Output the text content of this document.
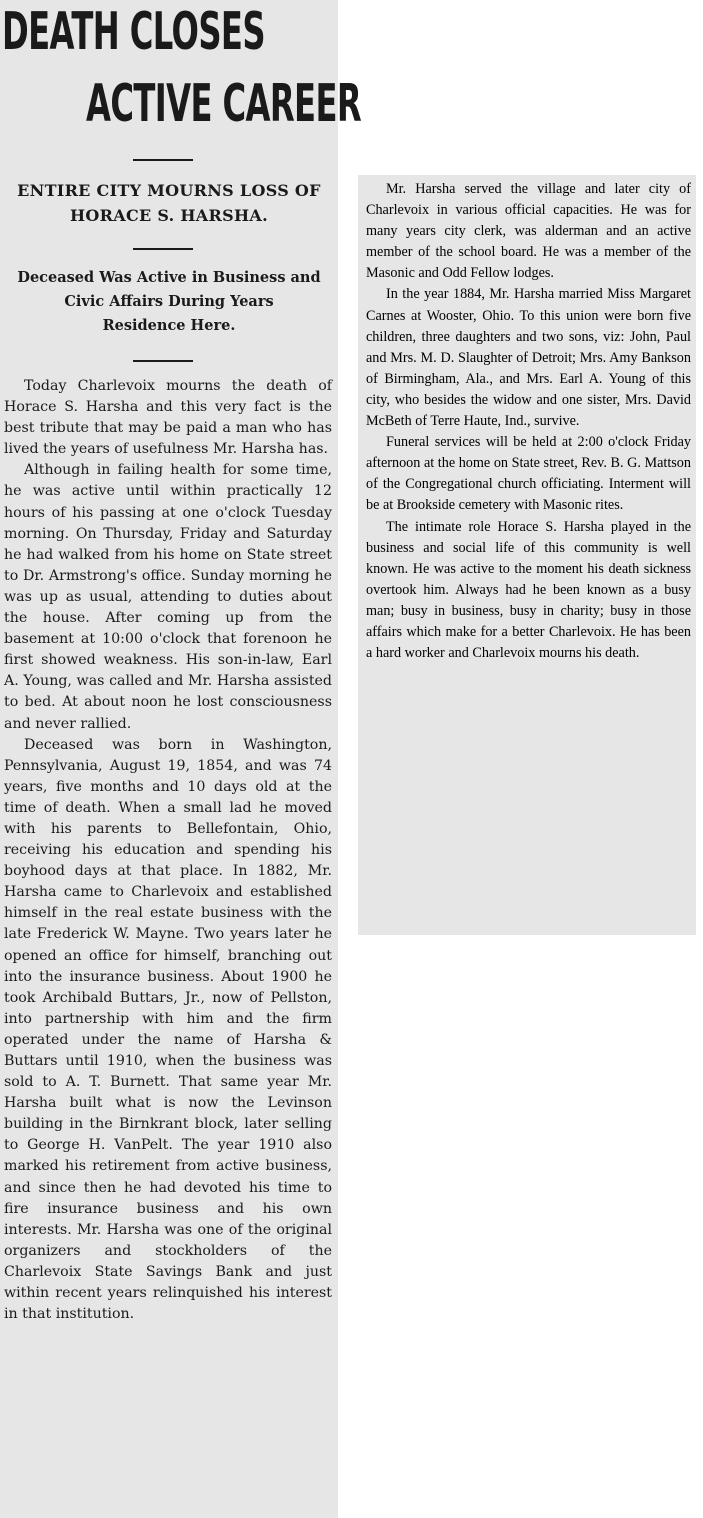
DEATH CLOSES
ACTIVE CAREER
ENTIRE CITY MOURNS LOSS OF
HORACE S. HARSHA.
Deceased Was Active in Business and
Civic Affairs During Years
Residence Here.

Today Charlevoix mourns the death of Horace S. Harsha and this very fact is the best tribute that may be paid a man who has lived the years of usefulness Mr. Harsha has.

Although in failing health for some time, he was active until within practically 12 hours of his passing at one o'clock Tuesday morning. On Thursday, Friday and Saturday he had walked from his home on State street to Dr. Armstrong's office. Sunday morning he was up as usual, attending to duties about the house. After coming up from the basement at 10:00 o'clock that forenoon he first showed weakness. His son-in-law, Earl A. Young, was called and Mr. Harsha assisted to bed. At about noon he lost consciousness and never rallied.

Deceased was born in Washington, Pennsylvania, August 19, 1854, and was 74 years, five months and 10 days old at the time of death. When a small lad he moved with his parents to Bellefontain, Ohio, receiving his education and spending his boyhood days at that place. In 1882, Mr. Harsha came to Charlevoix and established himself in the real estate business with the late Frederick W. Mayne. Two years later he opened an office for himself, branching out into the insurance business. About 1900 he took Archibald Buttars, Jr., now of Pellston, into partnership with him and the firm operated under the name of Harsha & Buttars until 1910, when the business was sold to A. T. Burnett. That same year Mr. Harsha built what is now the Levinson building in the Birnkrant block, later selling to George H. VanPelt. The year 1910 also marked his retirement from active business, and since then he had devoted his time to fire insurance business and his own interests. Mr. Harsha was one of the original organizers and stockholders of the Charlevoix State Savings Bank and just within recent years relinquished his interest in that institution.

Mr. Harsha served the village and later city of Charlevoix in various official capacities. He was for many years city clerk, was alderman and an active member of the school board. He was a member of the Masonic and Odd Fellow lodges.

In the year 1884, Mr. Harsha married Miss Margaret Carnes at Wooster, Ohio. To this union were born five children, three daughters and two sons, viz: John, Paul and Mrs. M. D. Slaughter of Detroit; Mrs. Amy Bankson of Birmingham, Ala., and Mrs. Earl A. Young of this city, who besides the widow and one sister, Mrs. David McBeth of Terre Haute, Ind., survive.

Funeral services will be held at 2:00 o'clock Friday afternoon at the home on State street, Rev. B. G. Mattson of the Congregational church officiating. Interment will be at Brookside cemetery with Masonic rites.

The intimate role Horace S. Harsha played in the business and social life of this community is well known. He was active to the moment his death sickness overtook him. Always had he been known as a busy man; busy in business, busy in charity; busy in those affairs which make for a better Charlevoix. He has been a hard worker and Charlevoix mourns his death.
